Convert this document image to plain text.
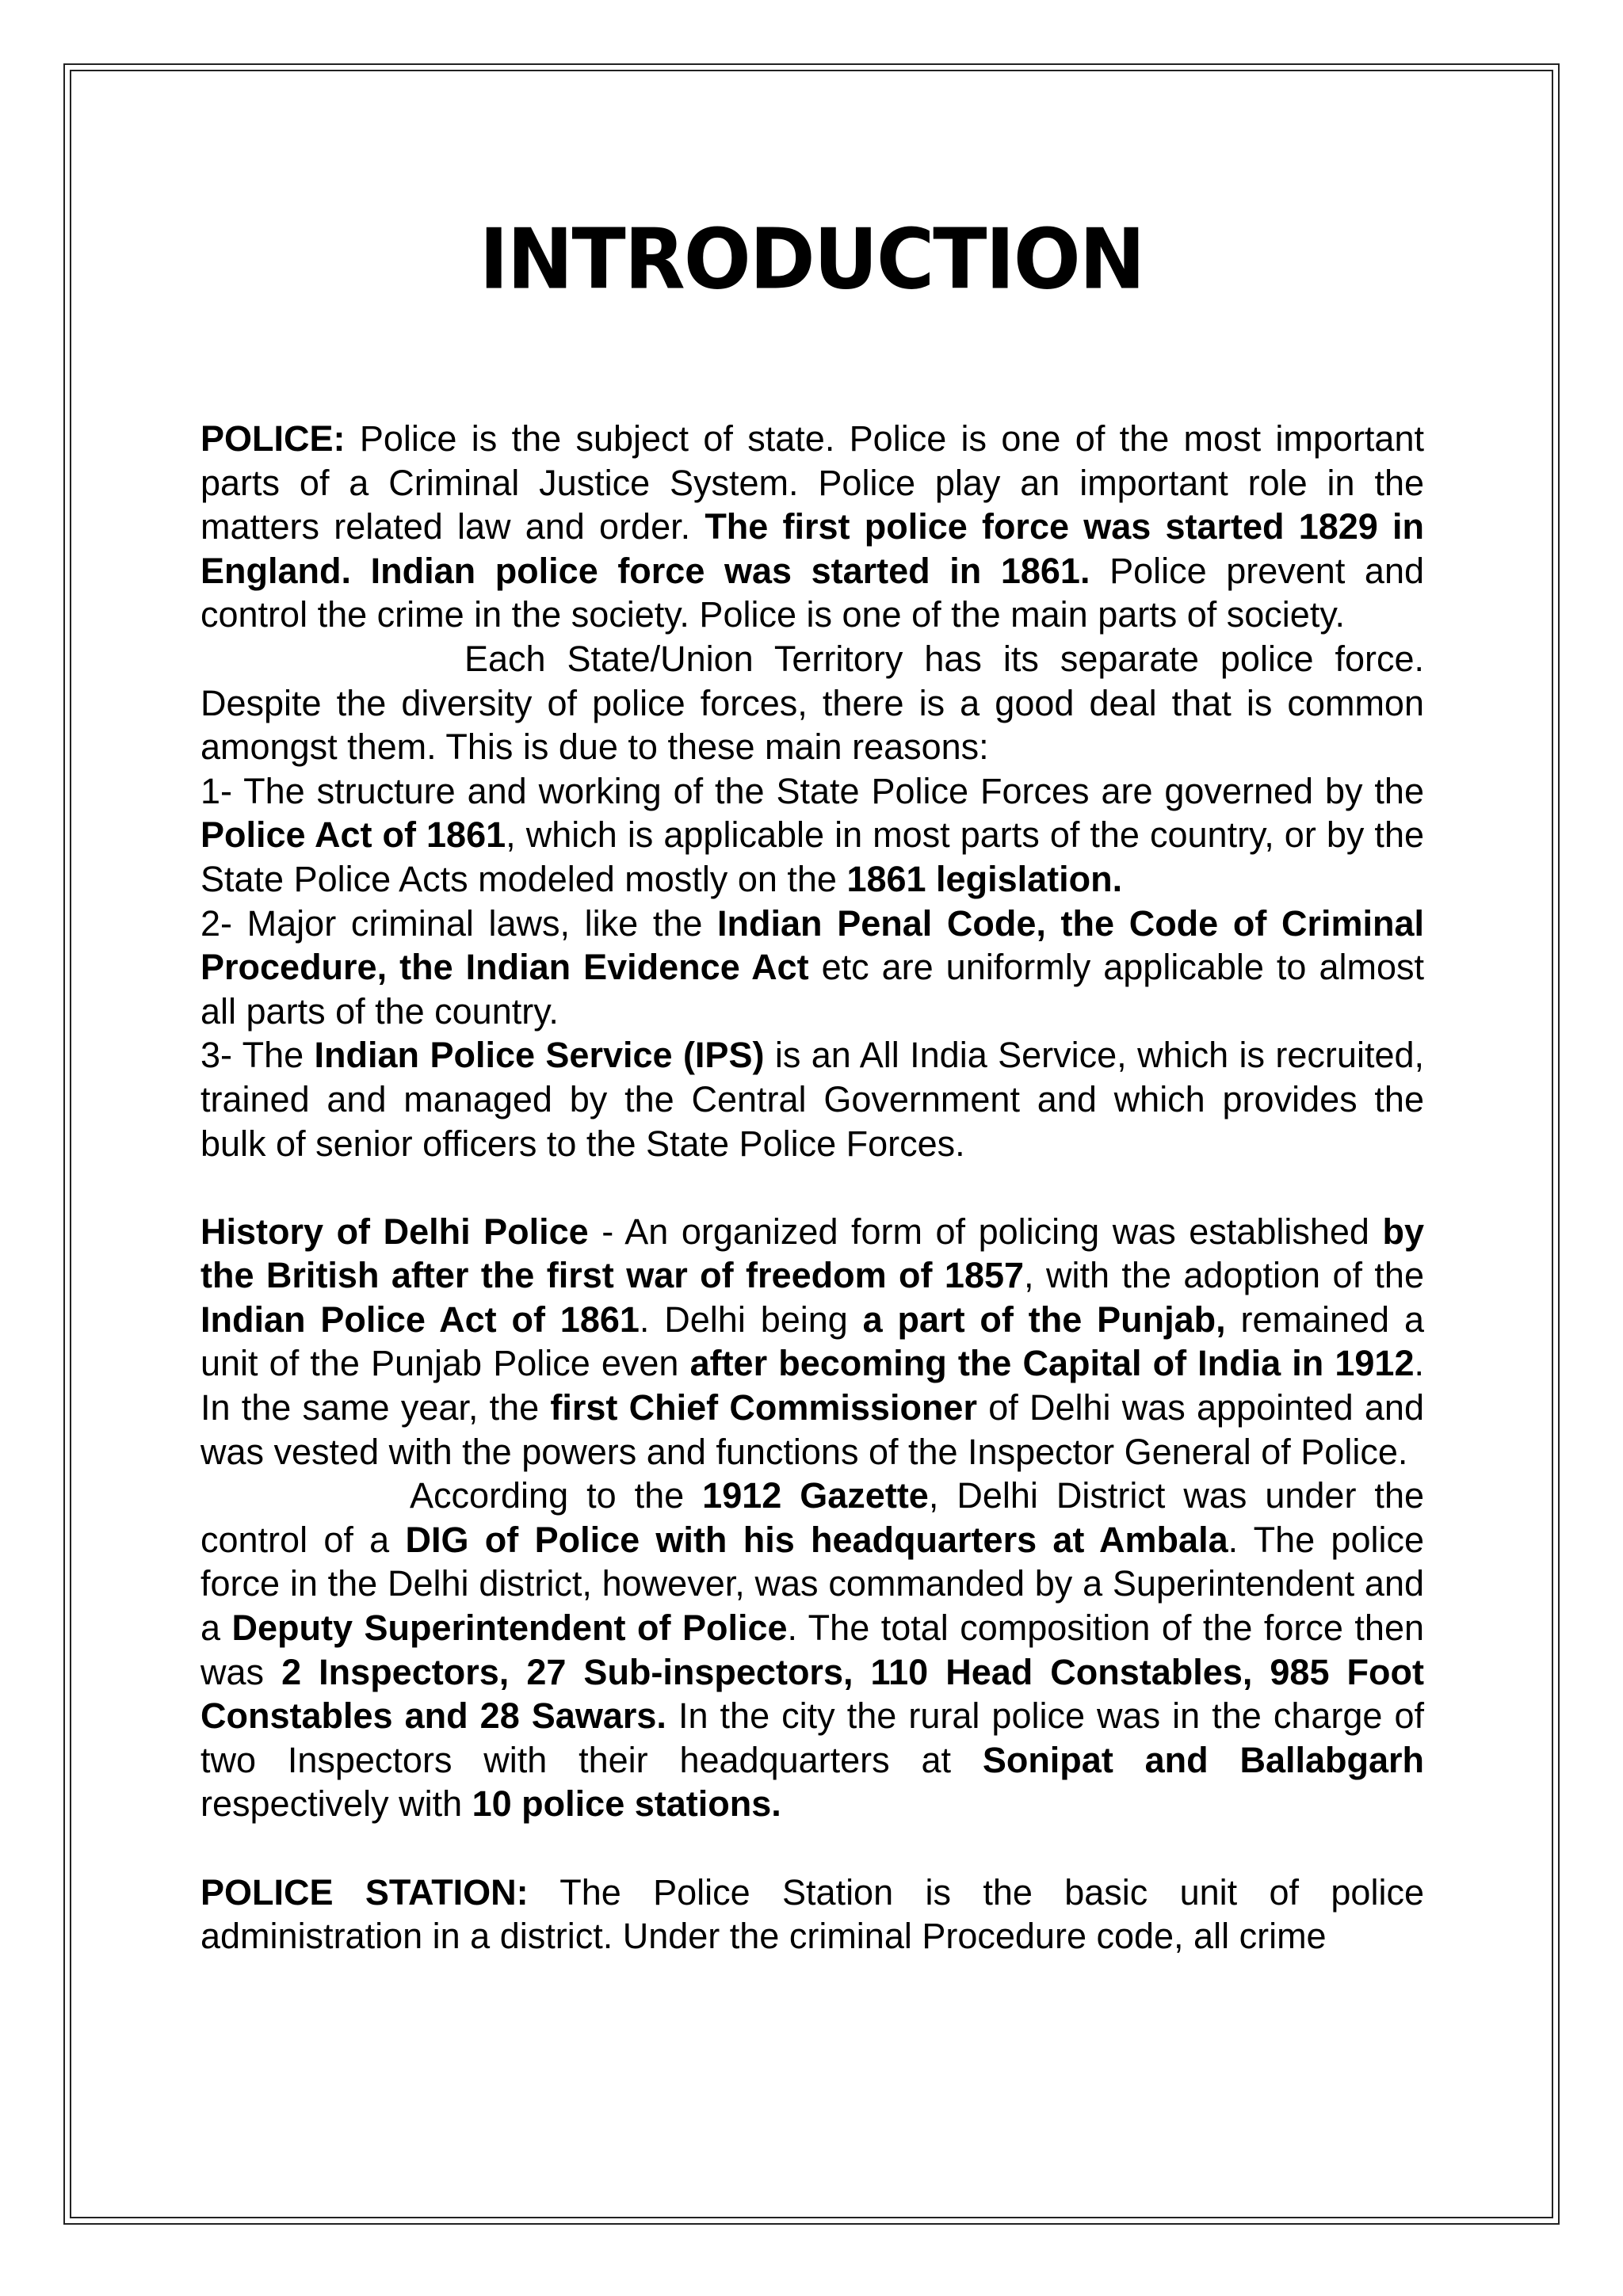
INTRODUCTION

POLICE: Police is the subject of state. Police is one of the most important parts of a Criminal Justice System. Police play an important role in the matters related law and order. The first police force was started 1829 in England. Indian police force was started in 1861. Police prevent and control the crime in the society. Police is one of the main parts of society.

Each State/Union Territory has its separate police force. Despite the diversity of police forces, there is a good deal that is common amongst them. This is due to these main reasons:

1- The structure and working of the State Police Forces are governed by the Police Act of 1861, which is applicable in most parts of the country, or by the State Police Acts modeled mostly on the 1861 legislation.

2- Major criminal laws, like the Indian Penal Code, the Code of Criminal Procedure, the Indian Evidence Act etc are uniformly applicable to almost all parts of the country.

3- The Indian Police Service (IPS) is an All India Service, which is recruited, trained and managed by the Central Government and which provides the bulk of senior officers to the State Police Forces.

History of Delhi Police - An organized form of policing was established by the British after the first war of freedom of 1857, with the adoption of the Indian Police Act of 1861. Delhi being a part of the Punjab, remained a unit of the Punjab Police even after becoming the Capital of India in 1912. In the same year, the first Chief Commissioner of Delhi was appointed and was vested with the powers and functions of the Inspector General of Police.

According to the 1912 Gazette, Delhi District was under the control of a DIG of Police with his headquarters at Ambala. The police force in the Delhi district, however, was commanded by a Superintendent and a Deputy Superintendent of Police. The total composition of the force then was 2 Inspectors, 27 Sub-inspectors, 110 Head Constables, 985 Foot Constables and 28 Sawars. In the city the rural police was in the charge of two Inspectors with their headquarters at Sonipat and Ballabgarh respectively with 10 police stations.

POLICE STATION: The Police Station is the basic unit of police administration in a district. Under the criminal Procedure code, all crime
